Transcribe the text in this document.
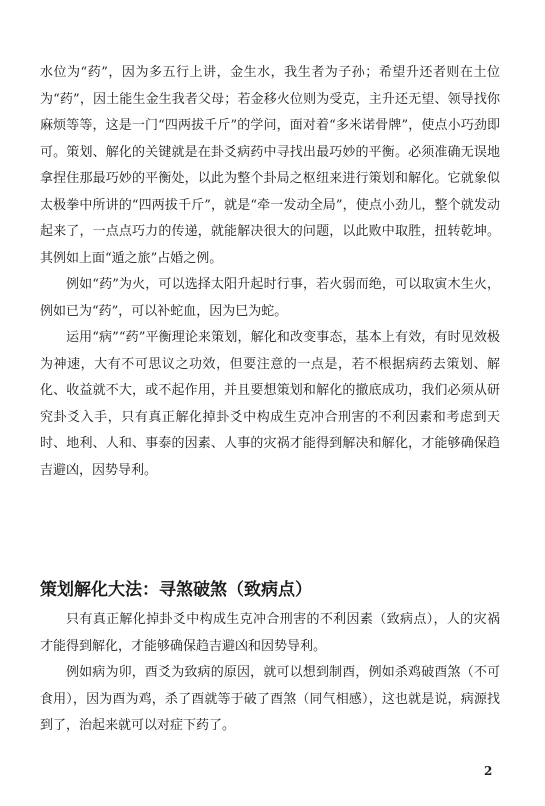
水位为“药”，因为多五行上讲，金生水，我生者为子孙；希望升还者则在土位为“药”，因土能生金生我者父母；若金移火位则为受克，主升还无望、领导找你麻烦等等，这是一门“四两拔千斤”的学问，面对着“多米诺骨牌”，使点小巧劲即可。策划、解化的关键就是在卦爻病药中寻找出最巧妙的平衡。必须准确无误地拿捏住那最巧妙的平衡处，以此为整个卦局之枢纽来进行策划和解化。它就象似太极拳中所讲的“四两拔千斤”，就是“牵一发动全局”，使点小劲儿，整个就发动起来了，一点点巧力的传递，就能解决很大的问题，以此败中取胜，扭转乾坤。其例如上面“遁之旅”占婚之例。

例如“药”为火，可以选择太阳升起时行事，若火弱而绝，可以取寅木生火，例如已为“药”，可以补蛇血，因为巳为蛇。

运用“病”“药”平衡理论来策划，解化和改变事态，基本上有效，有时见效极为神速，大有不可思议之功效，但要注意的一点是，若不根据病药去策划、解化、收益就不大，或不起作用，并且要想策划和解化的撤底成功，我们必须从研究卦爻入手，只有真正解化掉卦爻中构成生克冲合刑害的不利因素和考虑到天时、地利、人和、事泰的因素、人事的灾祸才能得到解决和解化，才能够确保趋吉避凶，因势导利。

策划解化大法：寻煞破煞（致病点）

只有真正解化掉卦爻中构成生克冲合刑害的不利因素（致病点），人的灾祸才能得到解化，才能够确保趋吉避凶和因势导利。

例如病为卯，酉爻为致病的原因，就可以想到制酉，例如杀鸡破酉煞（不可食用），因为酉为鸡，杀了酉就等于破了酉煞（同气相感），这也就是说，病源找到了，治起来就可以对症下药了。

2
